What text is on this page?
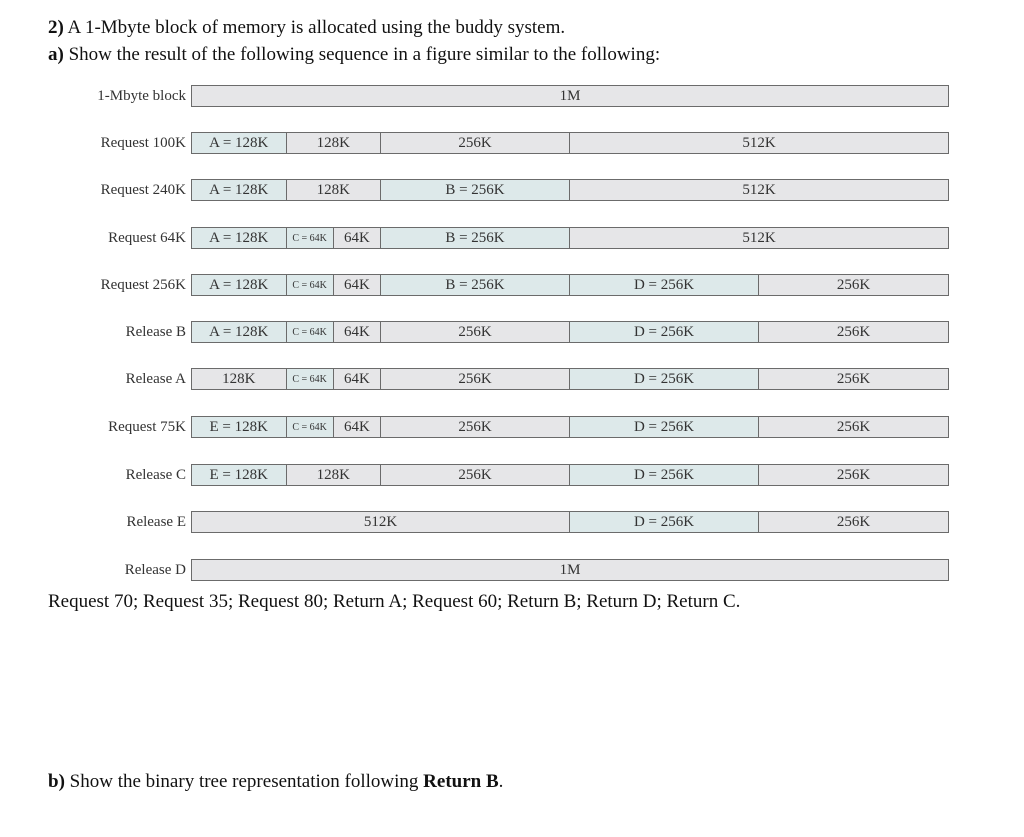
2) A 1-Mbyte block of memory is allocated using the buddy system.
a) Show the result of the following sequence in a figure similar to the following:
1-Mbyte block	1M
Request 100K	A = 128K	128K	256K	512K
Request 240K	A = 128K	128K	B = 256K	512K
Request 64K	A = 128K	C = 64K	64K	B = 256K	512K
Request 256K	A = 128K	C = 64K	64K	B = 256K	D = 256K	256K
Release B	A = 128K	C = 64K	64K	256K	D = 256K	256K
Release A	128K	C = 64K	64K	256K	D = 256K	256K
Request 75K	E = 128K	C = 64K	64K	256K	D = 256K	256K
Release C	E = 128K	128K	256K	D = 256K	256K
Release E	512K	D = 256K	256K
Release D	1M
Request 70; Request 35; Request 80; Return A; Request 60; Return B; Return D; Return C.
b) Show the binary tree representation following Return B.
